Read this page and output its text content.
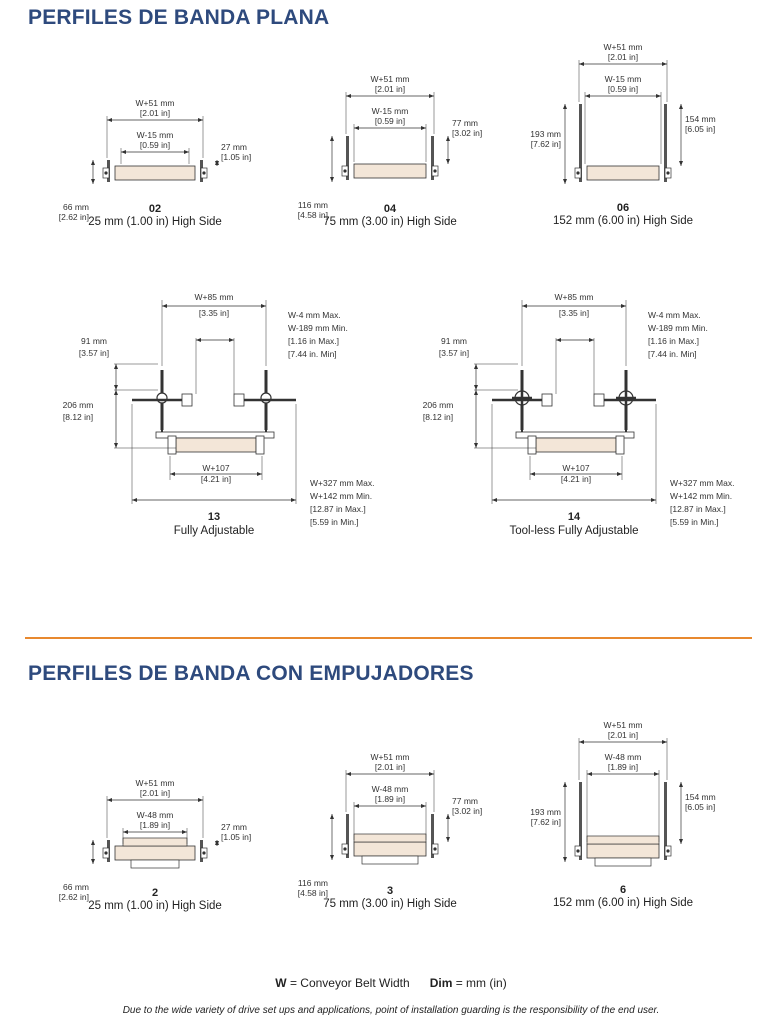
PERFILES DE BANDA PLANA
W+51 mm
[2.01 in]
W-15 mm
[0.59 in]	27 mm
[1.05 in]
66 mm
[2.62 in]
02
25 mm (1.00 in) High Side
W+51 mm
[2.01 in]
W-15 mm
[0.59 in]	77 mm
[3.02 in]
116 mm
[4.58 in]	04
75 mm (3.00 in) High Side
W+51 mm
[2.01 in]
W-15 mm
[0.59 in]
154 mm
[6.05 in]
193 mm
[7.62 in]
06
152 mm (6.00 in) High Side
W+85 mm
[3.35 in]	W-4 mm Max.
W-189 mm Min.
[1.16 in Max.]
[7.44 in. Min]
91 mm
[3.57 in]
206 mm
[8.12 in]
W+107
[4.21 in]	W+327 mm Max.
W+142 mm Min.
[12.87 in Max.]
[5.59 in Min.]
13
Fully Adjustable
W+85 mm
[3.35 in]	W-4 mm Max.
W-189 mm Min.
[1.16 in Max.]
[7.44 in. Min]
91 mm
[3.57 in]
206 mm
[8.12 in]
W+107
[4.21 in]	W+327 mm Max.
W+142 mm Min.
[12.87 in Max.]
[5.59 in Min.]
14
Tool-less Fully Adjustable
PERFILES DE BANDA CON EMPUJADORES
W+51 mm
[2.01 in]
W-48 mm
[1.89 in]	27 mm
[1.05 in]
66 mm
[2.62 in]	2
25 mm (1.00 in) High Side
W+51 mm
[2.01 in]
W-48 mm
[1.89 in]	77 mm
[3.02 in]
116 mm
[4.58 in]	3
75 mm (3.00 in) High Side
W+51 mm
[2.01 in]
W-48 mm
[1.89 in]
154 mm
[6.05 in]
193 mm
[7.62 in]
6
152 mm (6.00 in) High Side
W = Conveyor Belt Width Dim = mm (in)
Due to the wide variety of drive set ups and applications, point of installation guarding is the responsibility of the end user.
